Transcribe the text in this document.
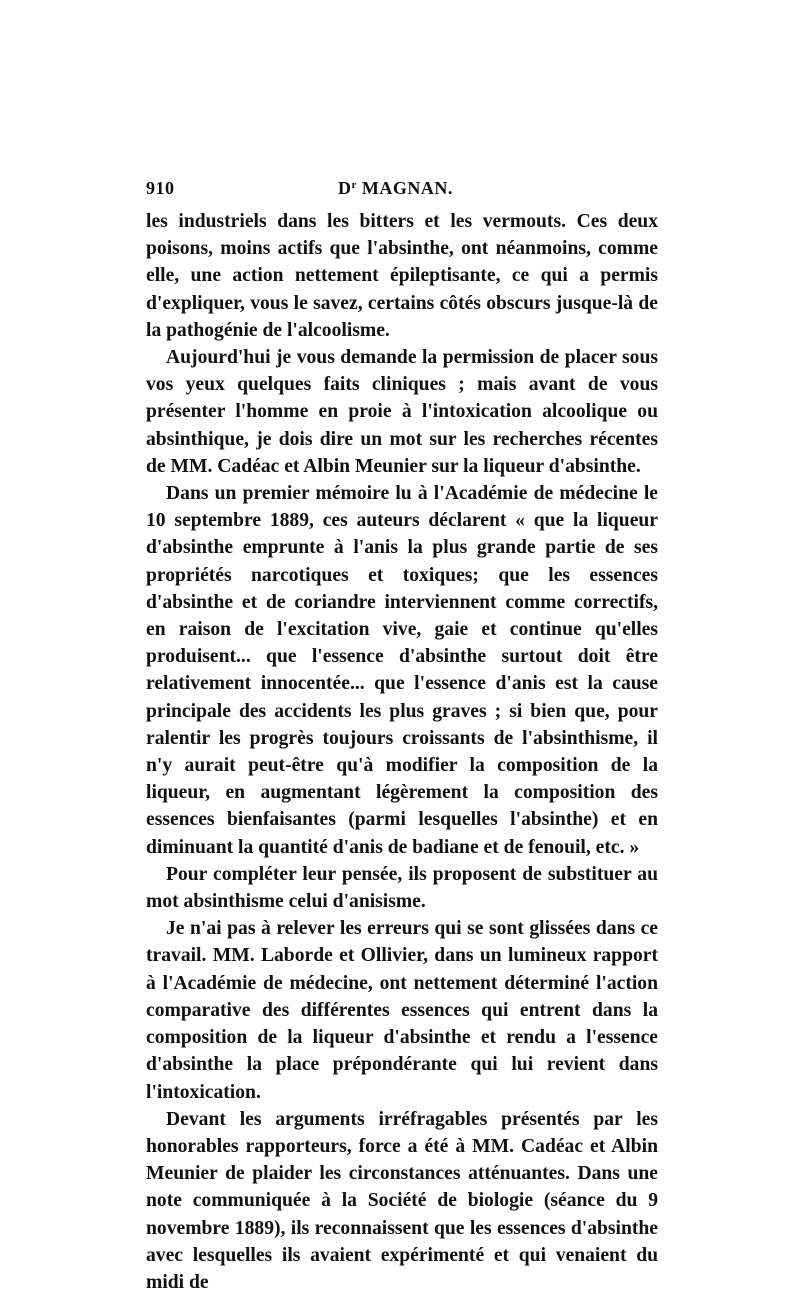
910	$D^r$ MAGNAN.

les industriels dans les bitters et les vermouts. Ces deux poisons, moins actifs que l'absinthe, ont néanmoins, comme elle, une action nettement épileptisante, ce qui a permis d'expliquer, vous le savez, certains côtés obscurs jusque-là de la pathogénie de l'alcoolisme.

Aujourd'hui je vous demande la permission de placer sous vos yeux quelques faits cliniques ; mais avant de vous présenter l'homme en proie à l'intoxication alcoolique ou absinthique, je dois dire un mot sur les recherches récentes de MM. Cadéac et Albin Meunier sur la liqueur d'absinthe.

Dans un premier mémoire lu à l'Académie de médecine le 10 septembre 1889, ces auteurs déclarent « que la liqueur d'absinthe emprunte à l'anis la plus grande partie de ses propriétés narcotiques et toxiques; que les essences d'absinthe et de coriandre interviennent comme correctifs, en raison de l'excitation vive, gaie et continue qu'elles produisent... que l'essence d'absinthe surtout doit être relativement innocentée... que l'essence d'anis est la cause principale des accidents les plus graves ; si bien que, pour ralentir les progrès toujours croissants de l'absinthisme, il n'y aurait peut-être qu'à modifier la composition de la liqueur, en augmentant légèrement la composition des essences bienfaisantes (parmi lesquelles l'absinthe) et en diminuant la quantité d'anis de badiane et de fenouil, etc. »

Pour compléter leur pensée, ils proposent de substituer au mot absinthisme celui d'anisisme.

Je n'ai pas à relever les erreurs qui se sont glissées dans ce travail. MM. Laborde et Ollivier, dans un lumineux rapport à l'Académie de médecine, ont nettement déterminé l'action comparative des différentes essences qui entrent dans la composition de la liqueur d'absinthe et rendu a l'essence d'absinthe la place prépondérante qui lui revient dans l'intoxication.

Devant les arguments irréfragables présentés par les honorables rapporteurs, force a été à MM. Cadéac et Albin Meunier de plaider les circonstances atténuantes. Dans une note communiquée à la Société de biologie (séance du 9 novembre 1889), ils reconnaissent que les essences d'absinthe avec lesquelles ils avaient expérimenté et qui venaient du midi de
